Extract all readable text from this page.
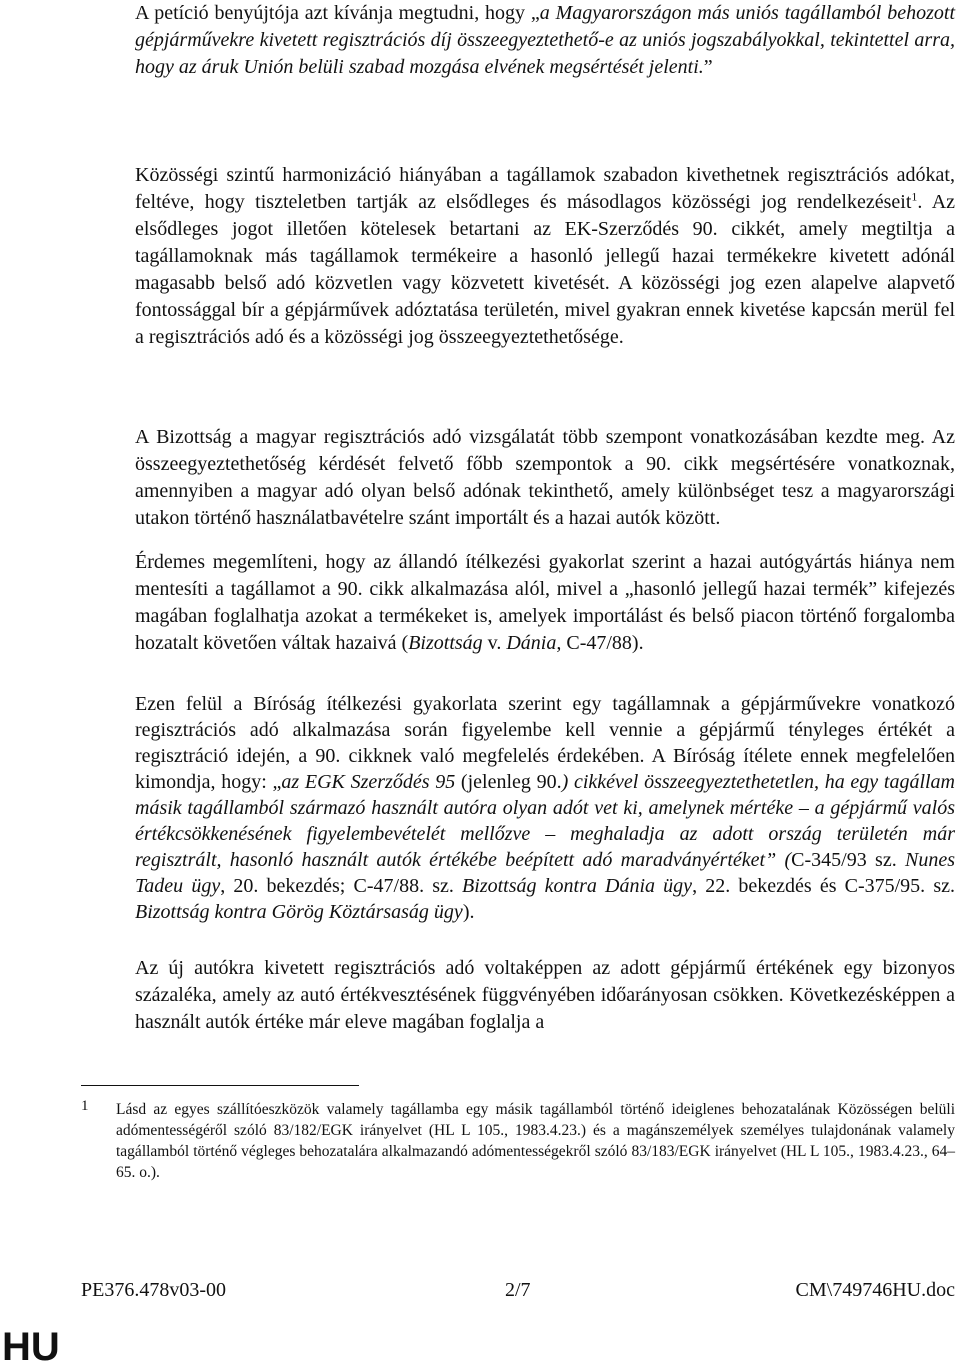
A petíció benyújtója azt kívánja megtudni, hogy „a Magyarországon más uniós tagállamból behozott gépjárművekre kivetett regisztrációs díj összeegyeztethető-e az uniós jogszabályokkal, tekintettel arra, hogy az áruk Unión belüli szabad mozgása elvének megsértését jelenti.”

Közösségi szintű harmonizáció hiányában a tagállamok szabadon kivethetnek regisztrációs adókat, feltéve, hogy tiszteletben tartják az elsődleges és másodlagos közösségi jog rendelkezéseit$^1$. Az elsődleges jogot illetően kötelesek betartani az EK-Szerződés 90. cikkét, amely megtiltja a tagállamoknak más tagállamok termékeire a hasonló jellegű hazai termékekre kivetett adónál magasabb belső adó közvetlen vagy közvetett kivetését. A közösségi jog ezen alapelve alapvető fontossággal bír a gépjárművek adóztatása területén, mivel gyakran ennek kivetése kapcsán merül fel a regisztrációs adó és a közösségi jog összeegyeztethetősége.

A Bizottság a magyar regisztrációs adó vizsgálatát több szempont vonatkozásában kezdte meg. Az összeegyeztethetőség kérdését felvető főbb szempontok a 90. cikk megsértésére vonatkoznak, amennyiben a magyar adó olyan belső adónak tekinthető, amely különbséget tesz a magyarországi utakon történő használatbavételre szánt importált és a hazai autók között.

Érdemes megemlíteni, hogy az állandó ítélkezési gyakorlat szerint a hazai autógyártás hiánya nem mentesíti a tagállamot a 90. cikk alkalmazása alól, mivel a „hasonló jellegű hazai termék” kifejezés magában foglalhatja azokat a termékeket is, amelyek importálást és belső piacon történő forgalomba hozatalt követően váltak hazaivá (Bizottság v. Dánia, C-47/88).

Ezen felül a Bíróság ítélkezési gyakorlata szerint egy tagállamnak a gépjárművekre vonatkozó regisztrációs adó alkalmazása során figyelembe kell vennie a gépjármű tényleges értékét a regisztráció idején, a 90. cikknek való megfelelés érdekében. A Bíróság ítélete ennek megfelelően kimondja, hogy: „az EGK Szerződés 95 (jelenleg 90.) cikkével összeegyeztethetetlen, ha egy tagállam másik tagállamból származó használt autóra olyan adót vet ki, amelynek mértéke – a gépjármű valós értékcsökkenésének figyelembevételét mellőzve – meghaladja az adott ország területén már regisztrált, hasonló használt autók értékébe beépített adó maradványértéket” (C-345/93 sz. Nunes Tadeu ügy, 20. bekezdés; C-47/88. sz. Bizottság kontra Dánia ügy, 22. bekezdés és C-375/95. sz. Bizottság kontra Görög Köztársaság ügy).

Az új autókra kivetett regisztrációs adó voltaképpen az adott gépjármű értékének egy bizonyos százaléka, amely az autó értékvesztésének függvényében időarányosan csökken. Következésképpen a használt autók értéke már eleve magában foglalja a

1	Lásd az egyes szállítóeszközök valamely tagállamba egy másik tagállamból történő ideiglenes behozatalának Közösségen belüli adómentességéről szóló 83/182/EGK irányelvet (HL L 105., 1983.4.23.) és a magánszemélyek személyes tulajdonának valamely tagállamból történő végleges behozatalára alkalmazandó adómentességekről szóló 83/183/EGK irányelvet (HL L 105., 1983.4.23., 64–65. o.).
PE376.478v03-00	2/7	CM\749746HU.doc
HU
